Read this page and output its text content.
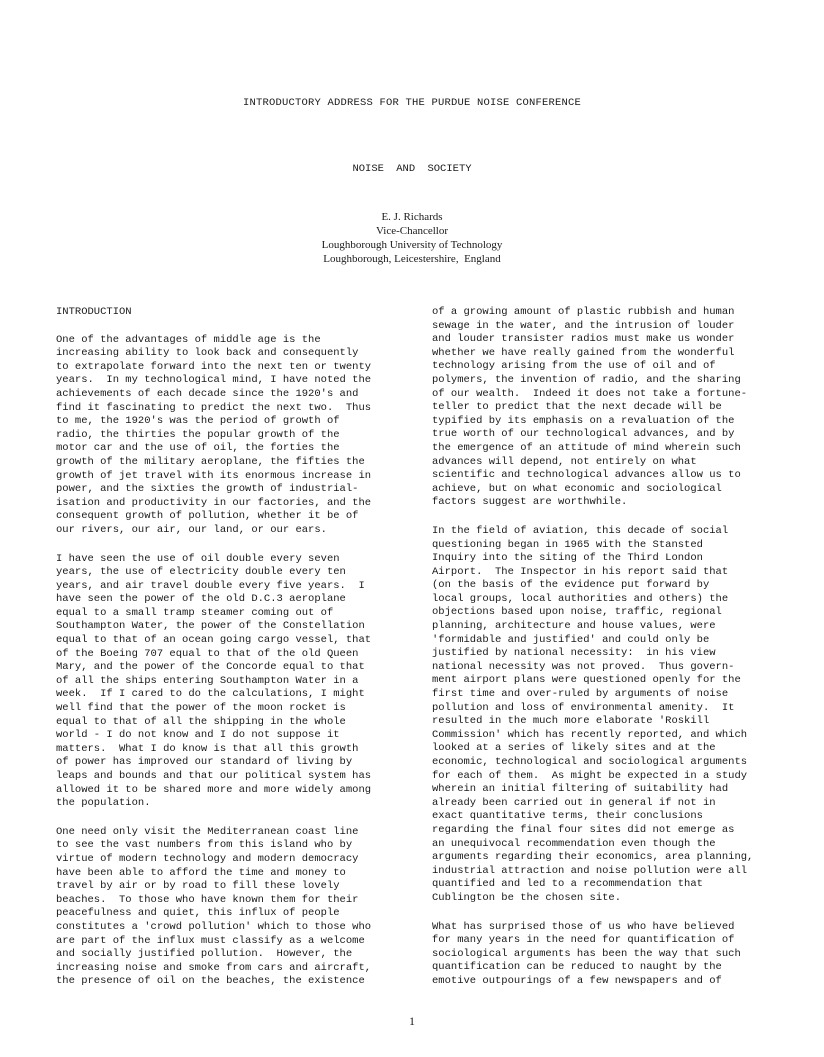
INTRODUCTORY ADDRESS FOR THE PURDUE NOISE CONFERENCE
NOISE AND SOCIETY
E. J. Richards
Vice-Chancellor
Loughborough University of Technology
Loughborough, Leicestershire,  England
INTRODUCTION

One of the advantages of middle age is the
increasing ability to look back and consequently
to extrapolate forward into the next ten or twenty
years.  In my technological mind, I have noted the
achievements of each decade since the 1920's and
find it fascinating to predict the next two.  Thus
to me, the 1920's was the period of growth of
radio, the thirties the popular growth of the
motor car and the use of oil, the forties the
growth of the military aeroplane, the fifties the
growth of jet travel with its enormous increase in
power, and the sixties the growth of industrial-
isation and productivity in our factories, and the
consequent growth of pollution, whether it be of
our rivers, our air, our land, or our ears.

I have seen the use of oil double every seven
years, the use of electricity double every ten
years, and air travel double every five years.  I
have seen the power of the old D.C.3 aeroplane
equal to a small tramp steamer coming out of
Southampton Water, the power of the Constellation
equal to that of an ocean going cargo vessel, that
of the Boeing 707 equal to that of the old Queen
Mary, and the power of the Concorde equal to that
of all the ships entering Southampton Water in a
week.  If I cared to do the calculations, I might
well find that the power of the moon rocket is
equal to that of all the shipping in the whole
world - I do not know and I do not suppose it
matters.  What I do know is that all this growth
of power has improved our standard of living by
leaps and bounds and that our political system has
allowed it to be shared more and more widely among
the population.

One need only visit the Mediterranean coast line
to see the vast numbers from this island who by
virtue of modern technology and modern democracy
have been able to afford the time and money to
travel by air or by road to fill these lovely
beaches.  To those who have known them for their
peacefulness and quiet, this influx of people
constitutes a 'crowd pollution' which to those who
are part of the influx must classify as a welcome
and socially justified pollution.  However, the
increasing noise and smoke from cars and aircraft,
the presence of oil on the beaches, the existence

of a growing amount of plastic rubbish and human
sewage in the water, and the intrusion of louder
and louder transister radios must make us wonder
whether we have really gained from the wonderful
technology arising from the use of oil and of
polymers, the invention of radio, and the sharing
of our wealth.  Indeed it does not take a fortune-
teller to predict that the next decade will be
typified by its emphasis on a revaluation of the
true worth of our technological advances, and by
the emergence of an attitude of mind wherein such
advances will depend, not entirely on what
scientific and technological advances allow us to
achieve, but on what economic and sociological
factors suggest are worthwhile.

In the field of aviation, this decade of social
questioning began in 1965 with the Stansted
Inquiry into the siting of the Third London
Airport.  The Inspector in his report said that
(on the basis of the evidence put forward by
local groups, local authorities and others) the
objections based upon noise, traffic, regional
planning, architecture and house values, were
'formidable and justified' and could only be
justified by national necessity:  in his view
national necessity was not proved.  Thus govern-
ment airport plans were questioned openly for the
first time and over-ruled by arguments of noise
pollution and loss of environmental amenity.  It
resulted in the much more elaborate 'Roskill
Commission' which has recently reported, and which
looked at a series of likely sites and at the
economic, technological and sociological arguments
for each of them.  As might be expected in a study
wherein an initial filtering of suitability had
already been carried out in general if not in
exact quantitative terms, their conclusions
regarding the final four sites did not emerge as
an unequivocal recommendation even though the
arguments regarding their economics, area planning,
industrial attraction and noise pollution were all
quantified and led to a recommendation that
Cublington be the chosen site.

What has surprised those of us who have believed
for many years in the need for quantification of
sociological arguments has been the way that such
quantification can be reduced to naught by the
emotive outpourings of a few newspapers and of

1
